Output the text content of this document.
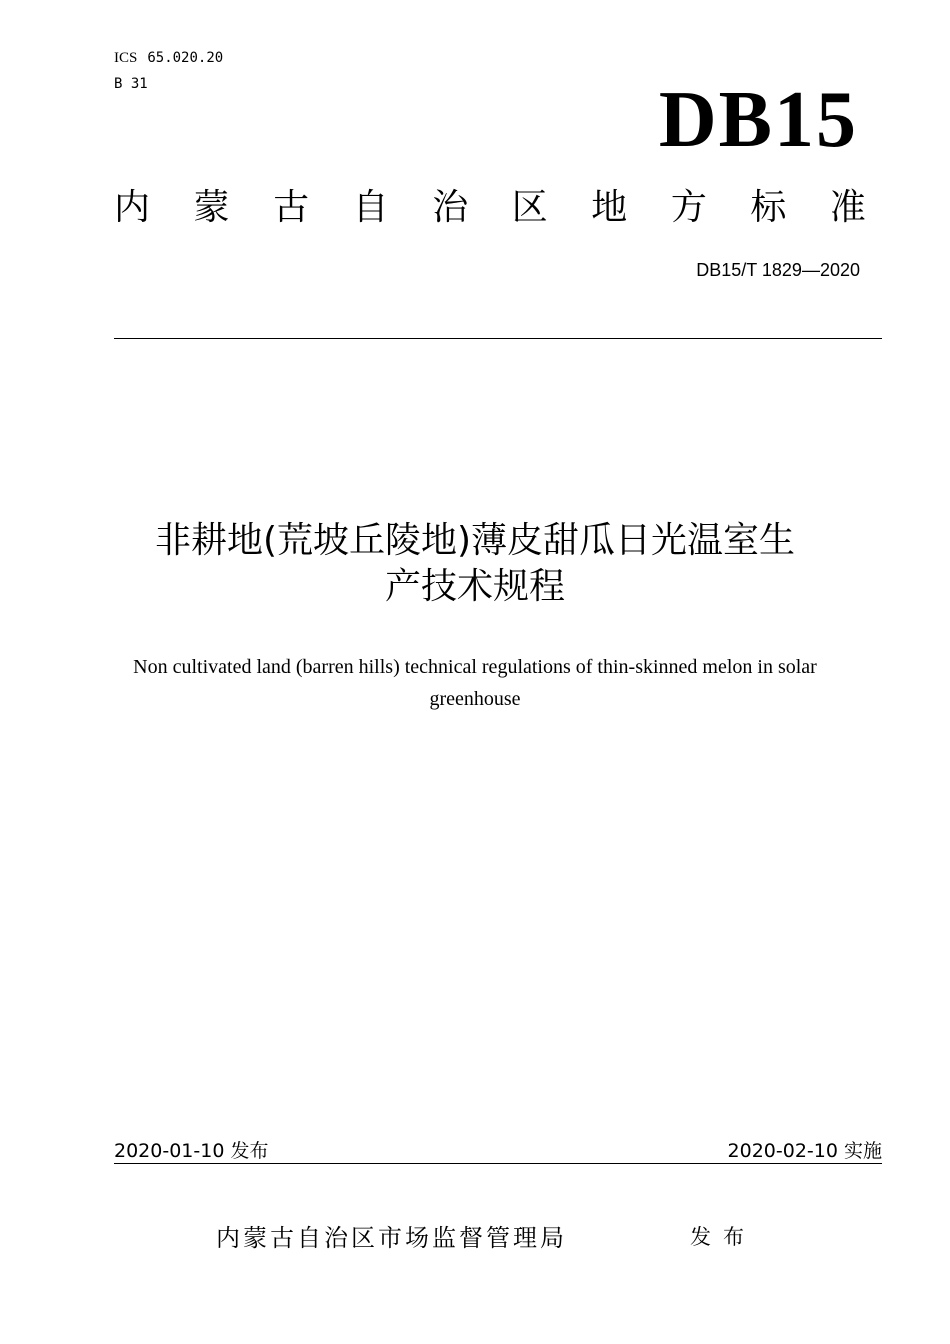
ICS 65.020.20
B 31	DB15
内 蒙 古 自 治 区 地 方 标 准
DB15/T 1829—2020
非耕地(荒坡丘陵地)薄皮甜瓜日光温室生
产技术规程
Non cultivated land (barren hills) technical regulations of thin-skinned melon in solar
greenhouse
2020-01-10 发布	2020-02-10 实施
内蒙古自治区市场监督管理局	发布
